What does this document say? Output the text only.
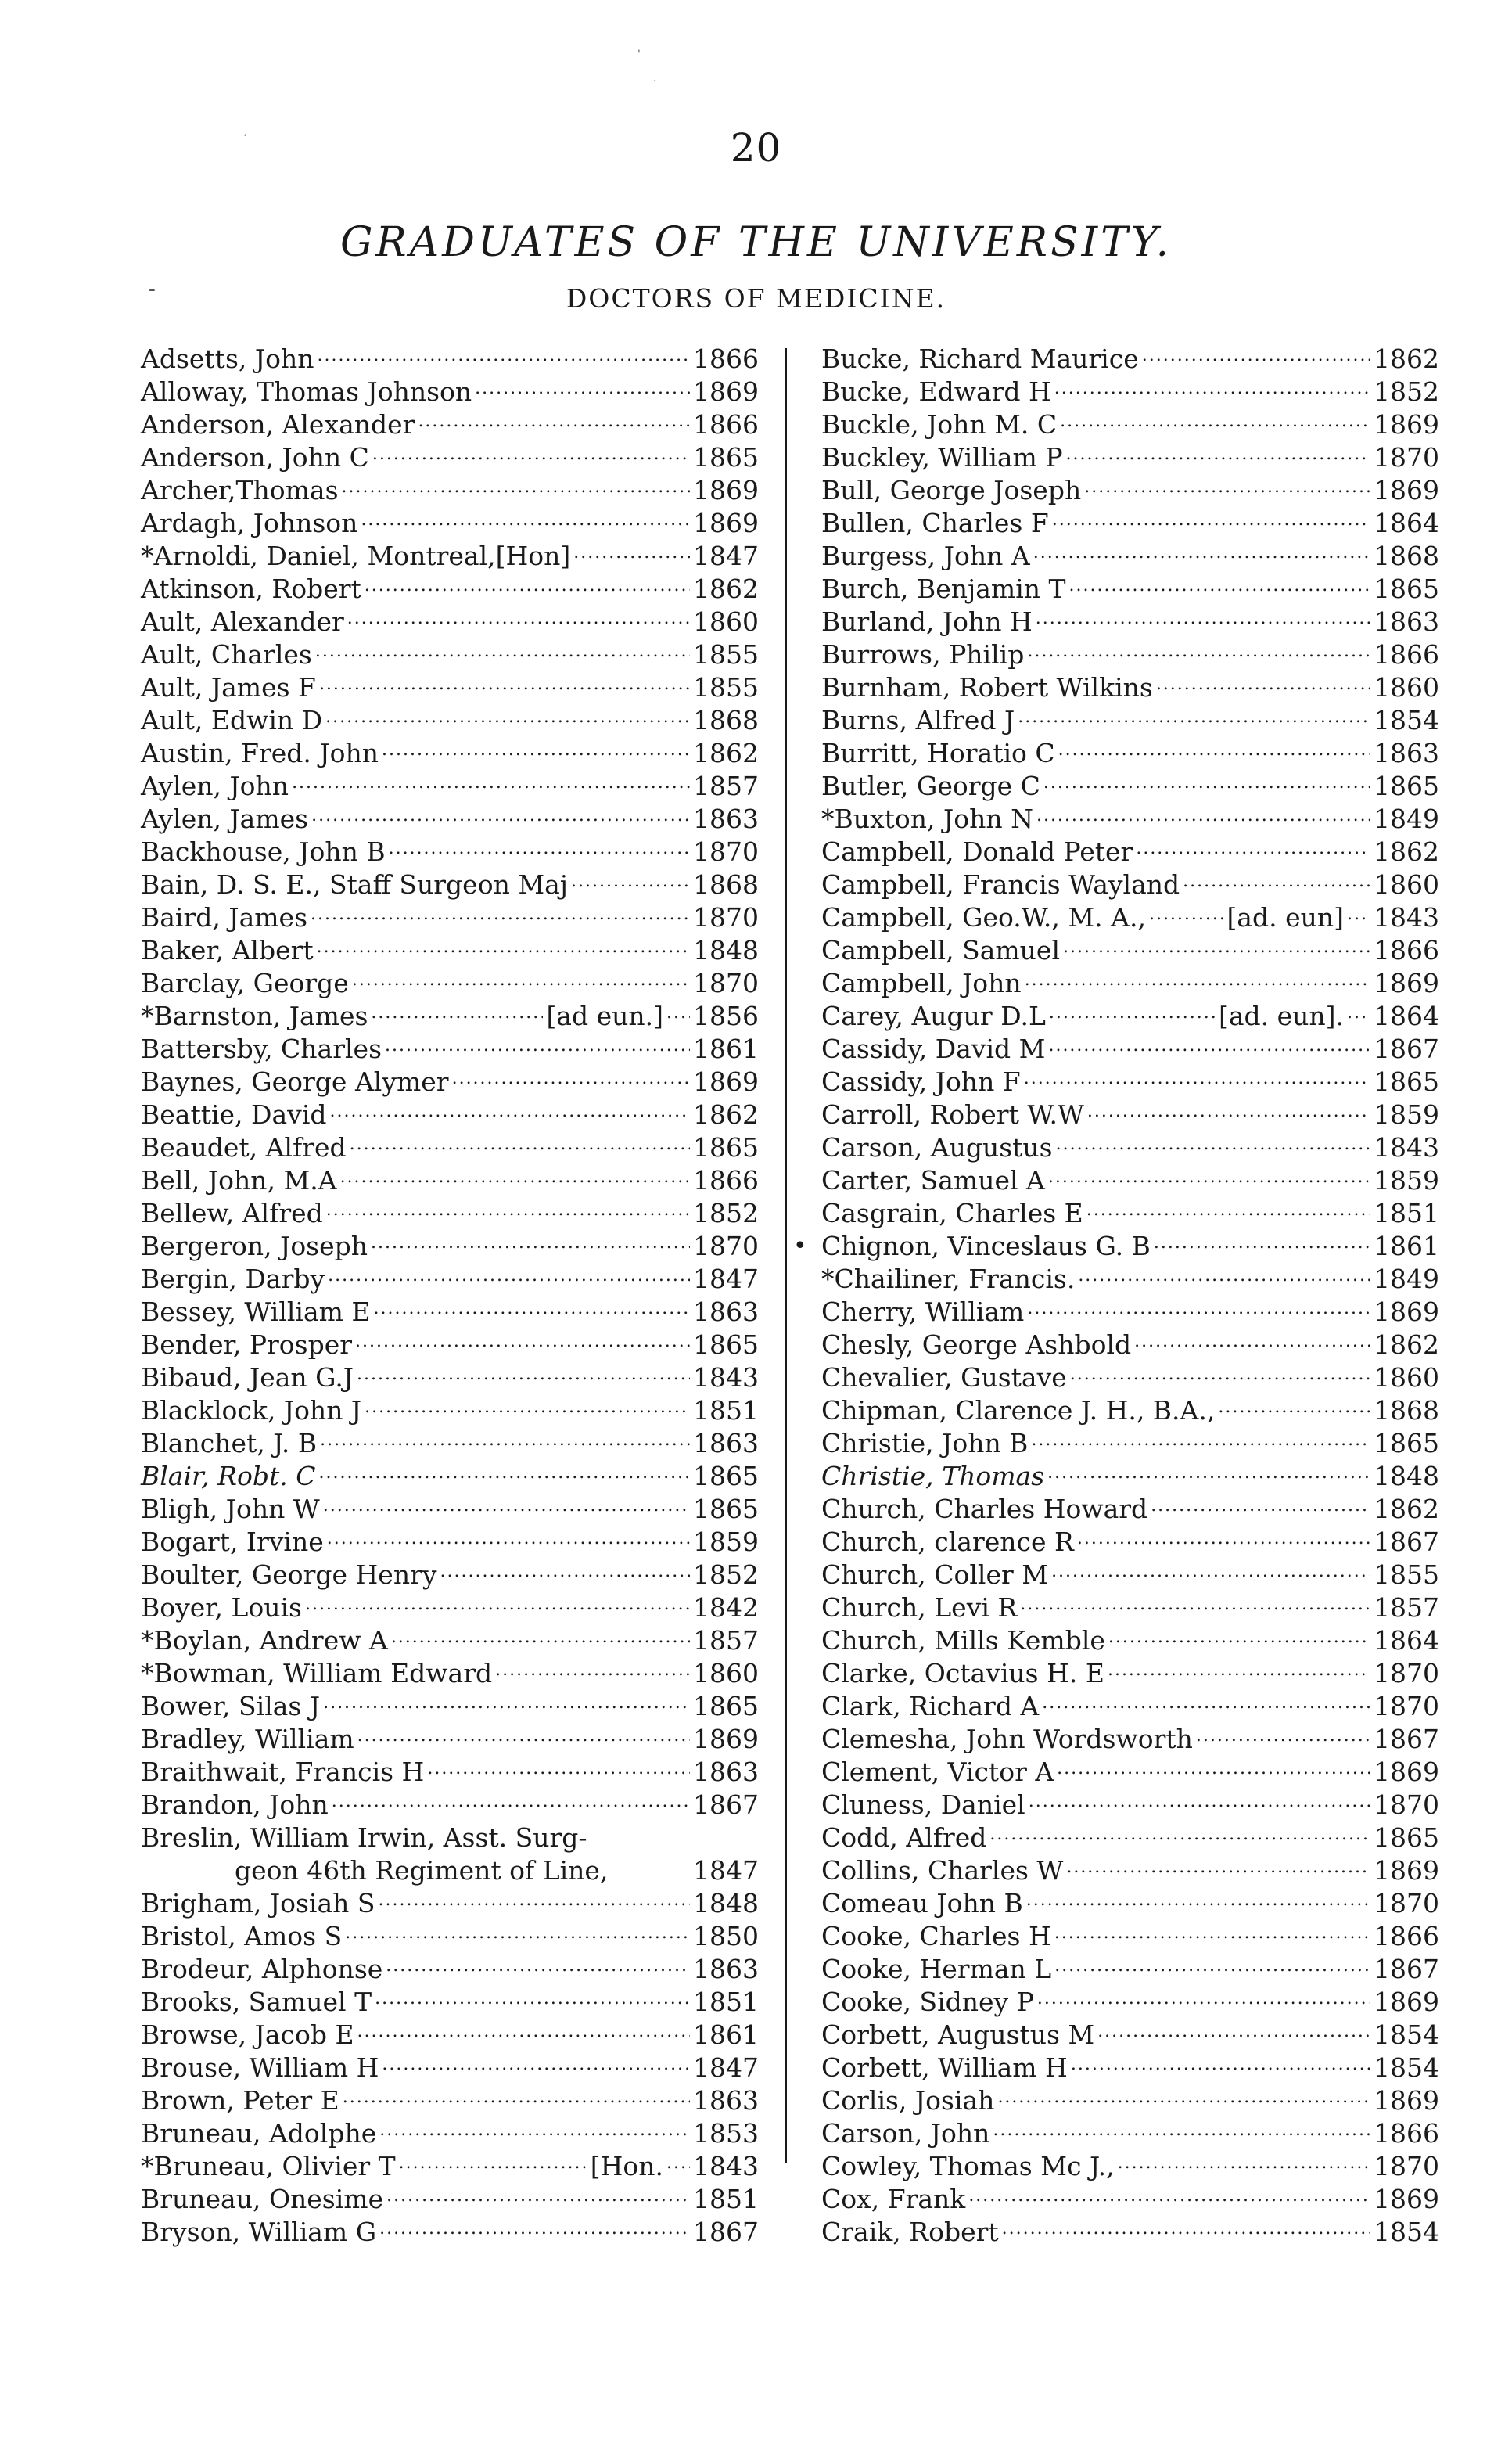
20
GRADUATES OF THE UNIVERSITY.
DOCTORS OF MEDICINE.
'
.
,
-
Adsetts, John .....	1866
Alloway, Thomas Johnson .....	1869
Anderson, Alexander .....	1866
Anderson, John C .....	1865
Archer,Thomas .....	1869
Ardagh, Johnson .....	1869
*Arnoldi, Daniel, Montreal,[Hon] .....	1847
Atkinson, Robert .....	1862
Ault, Alexander .....	1860
Ault, Charles .....	1855
Ault, James F .....	1855
Ault, Edwin D .....	1868
Austin, Fred. John .....	1862
Aylen, John .....	1857
Aylen, James .....	1863
Backhouse, John B .....	1870
Bain, D. S. E., Staff Surgeon Maj .....	1868
Baird, James .....	1870
Baker, Albert .....	1848
Barclay, George .....	1870
*Barnston, James .....	[ad eun.] ..... 1856
Battersby, Charles .....	1861
Baynes, George Alymer .....	1869
Beattie, David .....	1862
Beaudet, Alfred .....	1865
Bell, John, M.A .....	1866
Bellew, Alfred .....	1852
Bergeron, Joseph .....	1870
Bergin, Darby .....	1847
Bessey, William E .....	1863
Bender, Prosper .....	1865
Bibaud, Jean G.J .....	1843
Blacklock, John J .....	1851
Blanchet, J. B .....	1863
Blair, Robt. C .....	1865
Bligh, John W .....	1865
Bogart, Irvine .....	1859
Boulter, George Henry .....	1852
Boyer, Louis .....	1842
*Boylan, Andrew A .....	1857
*Bowman, William Edward .....	1860
Bower, Silas J .....	1865
Bradley, William .....	1869
Braithwait, Francis H .....	1863
Brandon, John .....	1867
Breslin, William Irwin, Asst. Surg-
geon 46th Regiment of Line,	1847
Brigham, Josiah S .....	1848
Bristol, Amos S .....	1850
Brodeur, Alphonse .....	1863
Brooks, Samuel T .....	1851
Browse, Jacob E .....	1861
Brouse, William H .....	1847
Brown, Peter E .....	1863
Bruneau, Adolphe .....	1853
*Bruneau, Olivier T .....	[Hon. ..... 1843
Bruneau, Onesime .....	1851
Bryson, William G .....	1867
Bucke, Richard Maurice .....	1862
Bucke, Edward H .....	1852
Buckle, John M. C .....	1869
Buckley, William P .....	1870
Bull, George Joseph .....	1869
Bullen, Charles F .....	1864
Burgess, John A .....	1868
Burch, Benjamin T .....	1865
Burland, John H .....	1863
Burrows, Philip .....	1866
Burnham, Robert Wilkins .....	1860
Burns, Alfred J .....	1854
Burritt, Horatio C .....	1863
Butler, George C .....	1865
*Buxton, John N .....	1849
Campbell, Donald Peter .....	1862
Campbell, Francis Wayland .....	1860
Campbell, Geo.W., M. A., .....	[ad. eun] ..... 1843
Campbell, Samuel .....	1866
Campbell, John .....	1869
Carey, Augur D.L .....	[ad. eun]. ..... 1864
Cassidy, David M .....	1867
Cassidy, John F .....	1865
Carroll, Robert W.W .....	1859
Carson, Augustus .....	1843
Carter, Samuel A .....	1859
Casgrain, Charles E .....	1851
• Chignon, Vinceslaus G. B .....	1861
*Chailiner, Francis. .....	1849
Cherry, William .....	1869
Chesly, George Ashbold .....	1862
Chevalier, Gustave .....	1860
Chipman, Clarence J. H., B.A., .....	1868
Christie, John B .....	1865
Christie, Thomas .....	1848
Church, Charles Howard .....	1862
Church, clarence R .....	1867
Church, Coller M .....	1855
Church, Levi R .....	1857
Church, Mills Kemble .....	1864
Clarke, Octavius H. E .....	1870
Clark, Richard A .....	1870
Clemesha, John Wordsworth .....	1867
Clement, Victor A .....	1869
Cluness, Daniel .....	1870
Codd, Alfred .....	1865
Collins, Charles W .....	1869
Comeau John B .....	1870
Cooke, Charles H .....	1866
Cooke, Herman L .....	1867
Cooke, Sidney P .....	1869
Corbett, Augustus M .....	1854
Corbett, William H .....	1854
Corlis, Josiah .....	1869
Carson, John .....	1866
Cowley, Thomas Mc J., .....	1870
Cox, Frank .....	1869
Craik, Robert .....	1854
